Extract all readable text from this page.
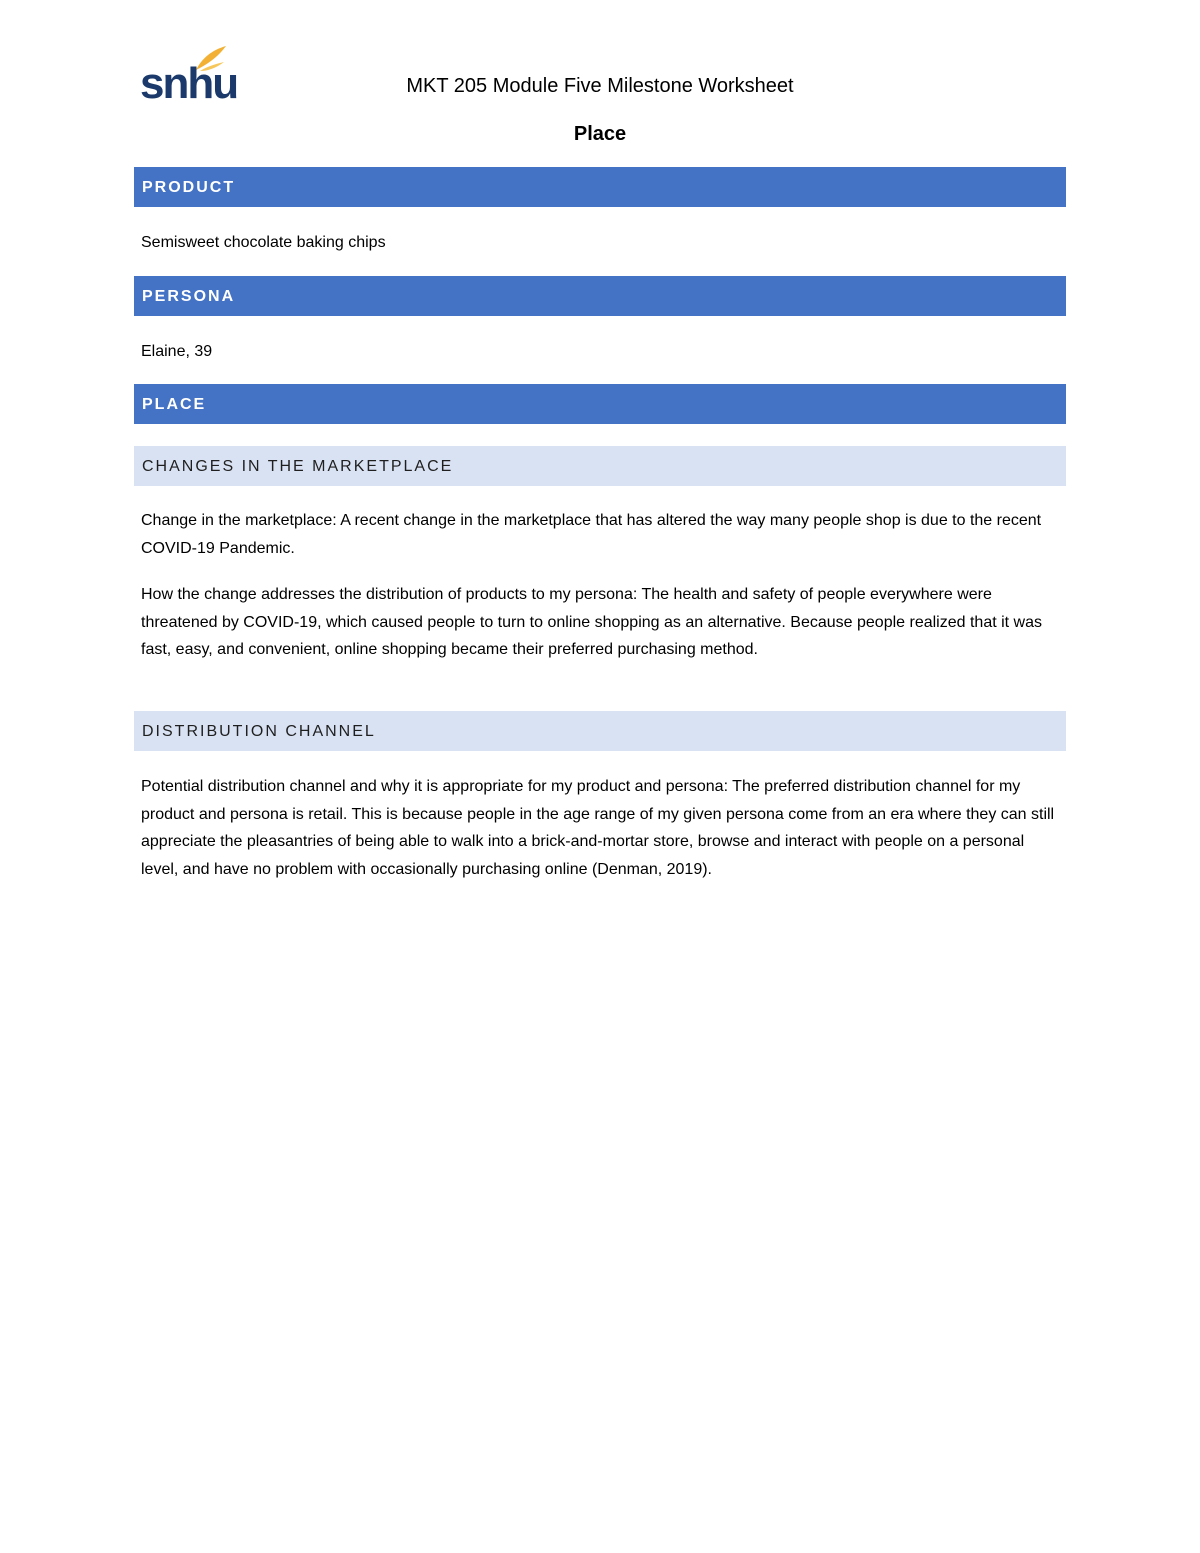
snhu	MKT 205 Module Five Milestone Worksheet
Place
PRODUCT

Semisweet chocolate baking chips

PERSONA

Elaine, 39

PLACE
CHANGES IN THE MARKETPLACE

Change in the marketplace: A recent change in the marketplace that has altered the way many people shop is due to the recent COVID-19 Pandemic.

How the change addresses the distribution of products to my persona: The health and safety of people everywhere were threatened by COVID-19, which caused people to turn to online shopping as an alternative. Because people realized that it was fast, easy, and convenient, online shopping became their preferred purchasing method.

DISTRIBUTION CHANNEL

Potential distribution channel and why it is appropriate for my product and persona: The preferred distribution channel for my product and persona is retail. This is because people in the age range of my given persona come from an era where they can still appreciate the pleasantries of being able to walk into a brick-and-mortar store, browse and interact with people on a personal level, and have no problem with occasionally purchasing online (Denman, 2019).
